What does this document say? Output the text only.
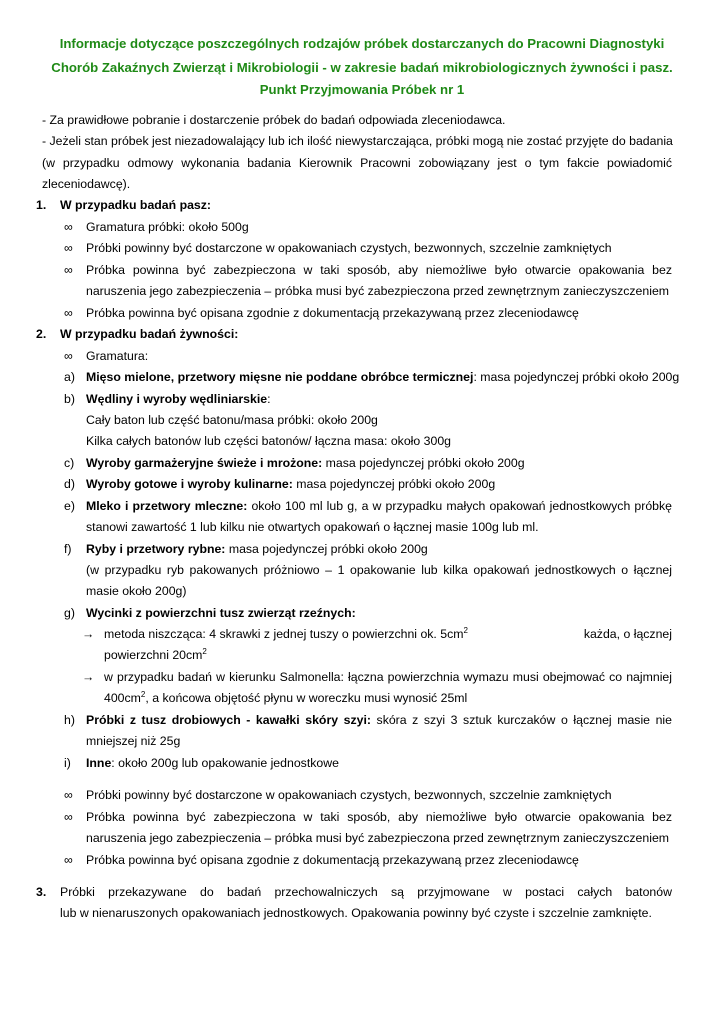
Informacje dotyczące poszczególnych rodzajów próbek dostarczanych do Pracowni Diagnostyki
Chorób Zakaźnych Zwierząt i Mikrobiologii - w zakresie badań mikrobiologicznych żywności i pasz.
Punkt Przyjmowania Próbek nr 1
- Za prawidłowe pobranie i dostarczenie próbek do badań odpowiada zleceniodawca.
- Jeżeli stan próbek jest niezadowalający lub ich ilość niewystarczająca, próbki mogą nie zostać przyjęte do badania
(w przypadku odmowy wykonania badania Kierownik Pracowni zobowiązany jest o tym fakcie powiadomić
zleceniodawcę).
1. W przypadku badań pasz:
∞ Gramatura próbki: około 500g
∞ Próbki powinny być dostarczone w opakowaniach czystych, bezwonnych, szczelnie zamkniętych
∞ Próbka powinna być zabezpieczona w taki sposób, aby niemożliwe było otwarcie opakowania bez
naruszenia jego zabezpieczenia – próbka musi być zabezpieczona przed zewnętrznym zanieczyszczeniem
∞ Próbka powinna być opisana zgodnie z dokumentacją przekazywaną przez zleceniodawcę
2. W przypadku badań żywności:
∞ Gramatura:
a) Mięso mielone, przetwory mięsne nie poddane obróbce termicznej: masa pojedynczej próbki około 200g
b) Wędliny i wyroby wędliniarskie:
Cały baton lub część batonu/masa próbki: około 200g
Kilka całych batonów lub części batonów/ łączna masa: około 300g
c) Wyroby garmażeryjne świeże i mrożone: masa pojedynczej próbki około 200g
d) Wyroby gotowe i wyroby kulinarne: masa pojedynczej próbki około 200g
e) Mleko i przetwory mleczne: około 100 ml lub g, a w przypadku małych opakowań jednostkowych próbkę
stanowi zawartość 1 lub kilku nie otwartych opakowań o łącznej masie 100g lub ml.
f) Ryby i przetwory rybne: masa pojedynczej próbki około 200g
(w przypadku ryb pakowanych próżniowo – 1 opakowanie lub kilka opakowań jednostkowych o łącznej
masie około 200g)
g) Wycinki z powierzchni tusz zwierząt rzeźnych:
→ metoda niszcząca: 4 skrawki z jednej tuszy o powierzchni ok. $5cm^2$	każda, o łącznej
powierzchni $20cm^2$
→ w przypadku badań w kierunku Salmonella: łączna powierzchnia wymazu musi obejmować co najmniej
$400cm^2$, a końcowa objętość płynu w woreczku musi wynosić 25ml
h) Próbki z tusz drobiowych - kawałki skóry szyi: skóra z szyi 3 sztuk kurczaków o łącznej masie nie
mniejszej niż 25g
i) Inne: około 200g lub opakowanie jednostkowe
∞ Próbki powinny być dostarczone w opakowaniach czystych, bezwonnych, szczelnie zamkniętych
∞ Próbka powinna być zabezpieczona w taki sposób, aby niemożliwe było otwarcie opakowania bez
naruszenia jego zabezpieczenia – próbka musi być zabezpieczona przed zewnętrznym zanieczyszczeniem
∞ Próbka powinna być opisana zgodnie z dokumentacją przekazywaną przez zleceniodawcę
3. Próbki przekazywane do badań przechowalniczych są przyjmowane w postaci całych batonów
lub w nienaruszonych opakowaniach jednostkowych. Opakowania powinny być czyste i szczelnie zamknięte.
